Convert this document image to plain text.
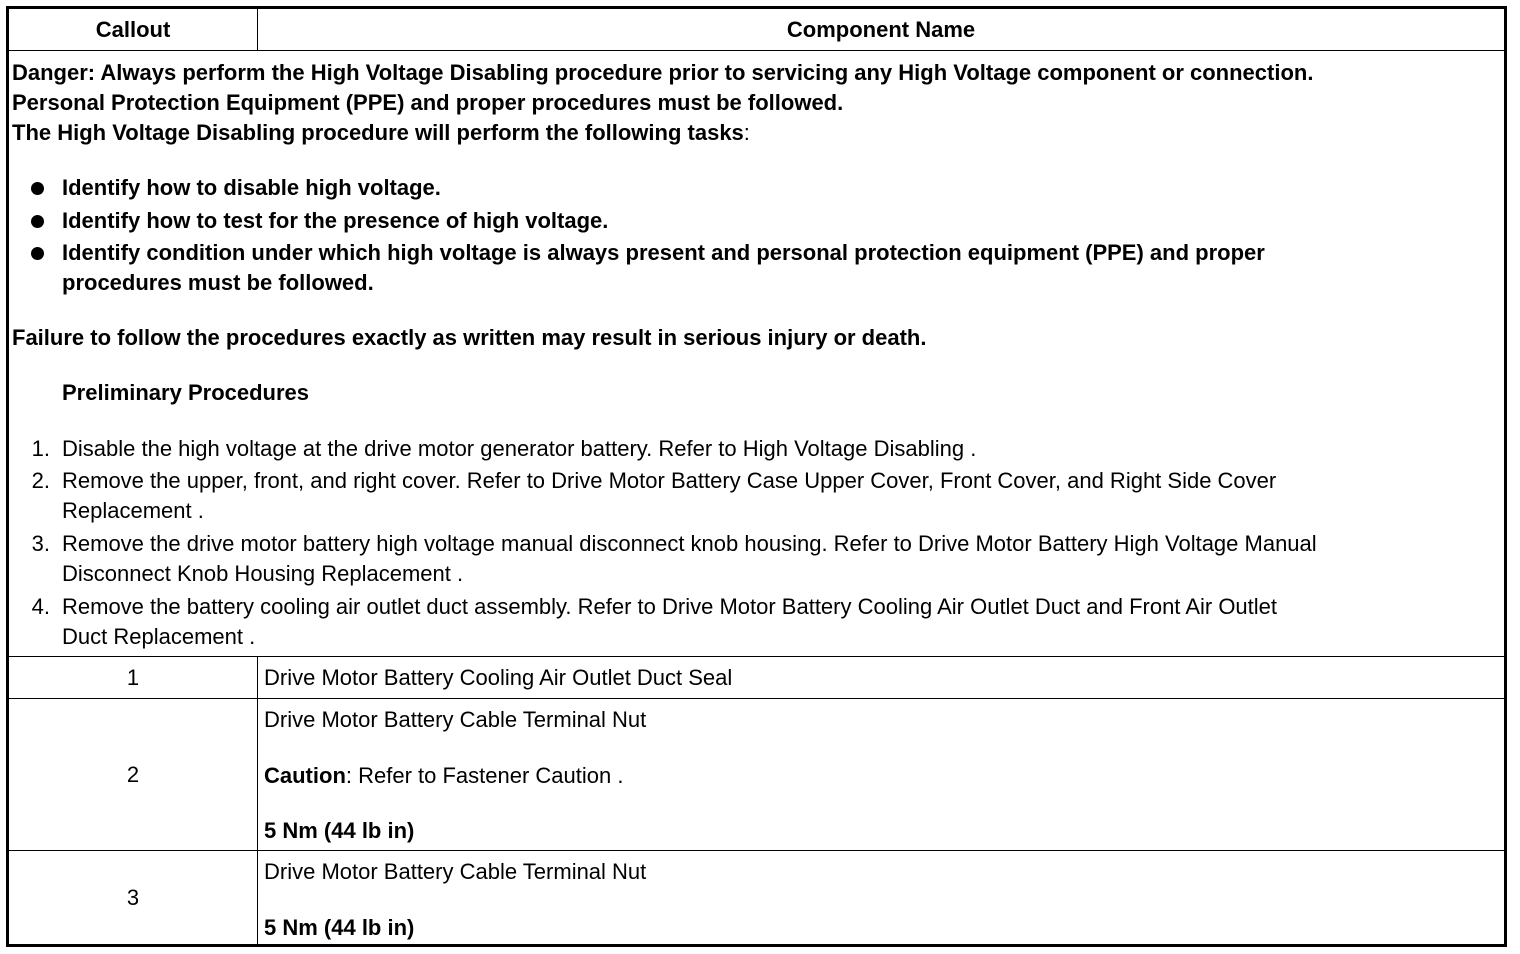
Callout	Component Name
Danger: Always perform the High Voltage Disabling procedure prior to servicing any High Voltage component or connection.
Personal Protection Equipment (PPE) and proper procedures must be followed.
The High Voltage Disabling procedure will perform the following tasks:
Identify how to disable high voltage.
Identify how to test for the presence of high voltage.
Identify condition under which high voltage is always present and personal protection equipment (PPE) and proper
procedures must be followed.
Failure to follow the procedures exactly as written may result in serious injury or death.
Preliminary Procedures
1. Disable the high voltage at the drive motor generator battery. Refer to High Voltage Disabling .
2. Remove the upper, front, and right cover. Refer to Drive Motor Battery Case Upper Cover, Front Cover, and Right Side Cover
Replacement .
3. Remove the drive motor battery high voltage manual disconnect knob housing. Refer to Drive Motor Battery High Voltage Manual
Disconnect Knob Housing Replacement .
4. Remove the battery cooling air outlet duct assembly. Refer to Drive Motor Battery Cooling Air Outlet Duct and Front Air Outlet
Duct Replacement .
1	Drive Motor Battery Cooling Air Outlet Duct Seal
2
Drive Motor Battery Cable Terminal Nut
Caution: Refer to Fastener Caution .
5 Nm (44 lb in)
3
Drive Motor Battery Cable Terminal Nut
5 Nm (44 lb in)
